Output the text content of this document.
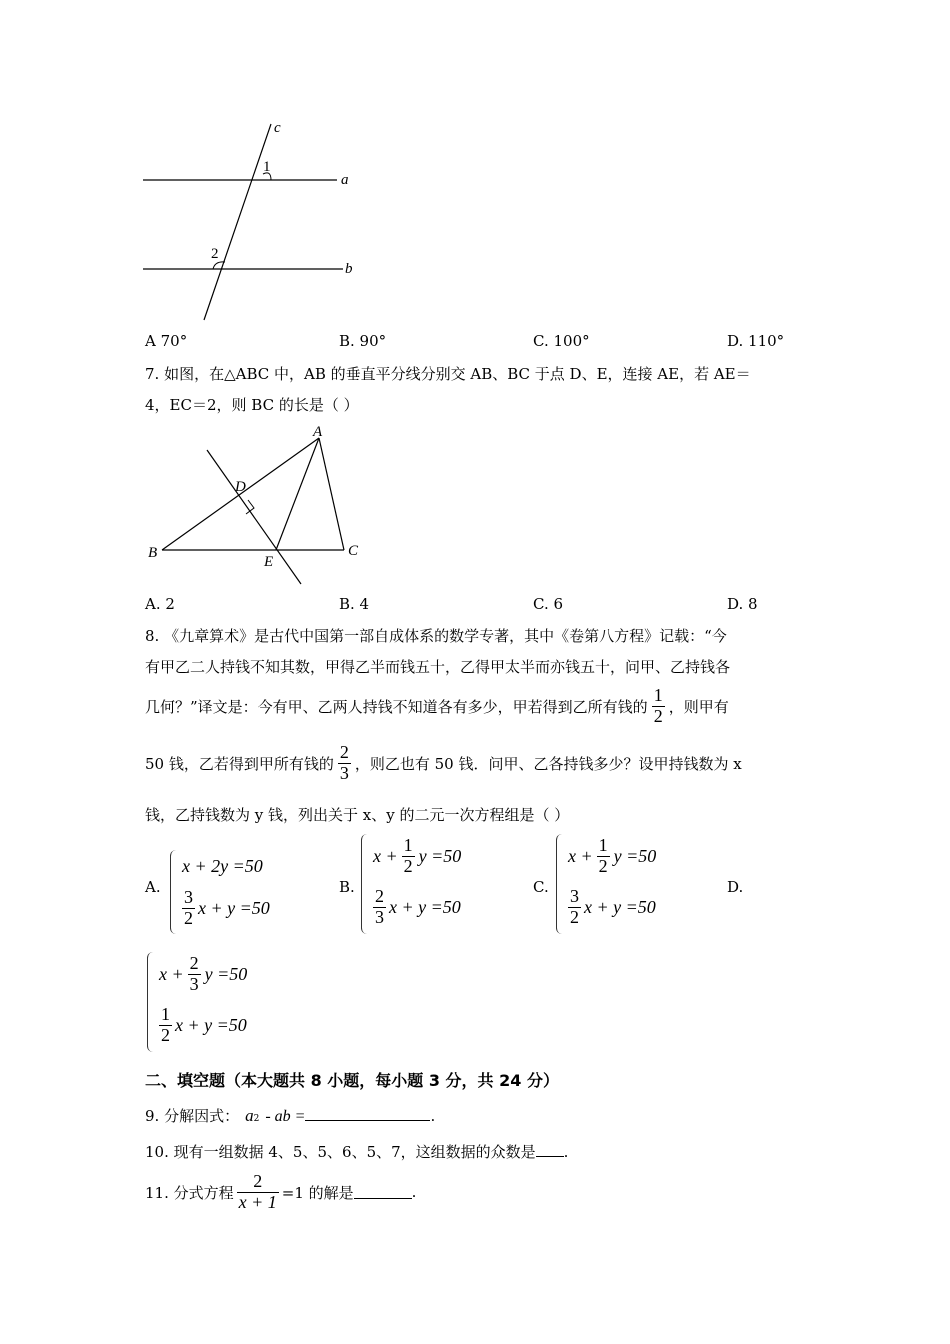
c
1
a
2
b
A 70°	B. 90°	C. 100°	D. 110°
7. 如图，在△ABC 中，AB 的垂直平分线分别交 AB、BC 于点 D、E，连接 AE，若 AE＝
4，EC＝2，则 BC 的长是（ ）
A
B	C
D
E
A. 2	B. 4	C. 6	D. 8
8. 《九章算术》是古代中国第一部自成体系的数学专著，其中《卷第八方程》记载：“今
有甲乙二人持钱不知其数，甲得乙半而钱五十，乙得甲太半而亦钱五十，问甲、乙持钱各
几何？”译文是：今有甲、乙两人持钱不知道各有多少，甲若得到乙所有钱的 $\frac{1}{2}$ ，则甲有
50 钱，乙若得到甲所有钱的 $\frac{2}{3}$ ，则乙也有 50 钱．问甲、乙各持钱多少？设甲持钱数为 x
钱，乙持钱数为 y 钱，列出关于 x、y 的二元一次方程组是（ ）
A.
x + 2y =50
$\frac{3}{2}$ x + y =50
B.
$x + \frac{1}{2}$ y =50
$\frac{2}{3}$ x + y =50
C.
$x + \frac{1}{2}$ y =50
$\frac{3}{2}$ x + y =50
D.
$x + \frac{2}{3}$ y =50
$\frac{1}{2}$ x + y =50
二、填空题（本大题共 8 小题，每小题 3 分，共 24 分）
9. 分解因式： $a_2$ - ab =	.
10. 现有一组数据 4、5、5、6、5、7，这组数据的众数是 .
11. 分式方程 $\frac{2}{x + 1} =1$ 的解是	.
